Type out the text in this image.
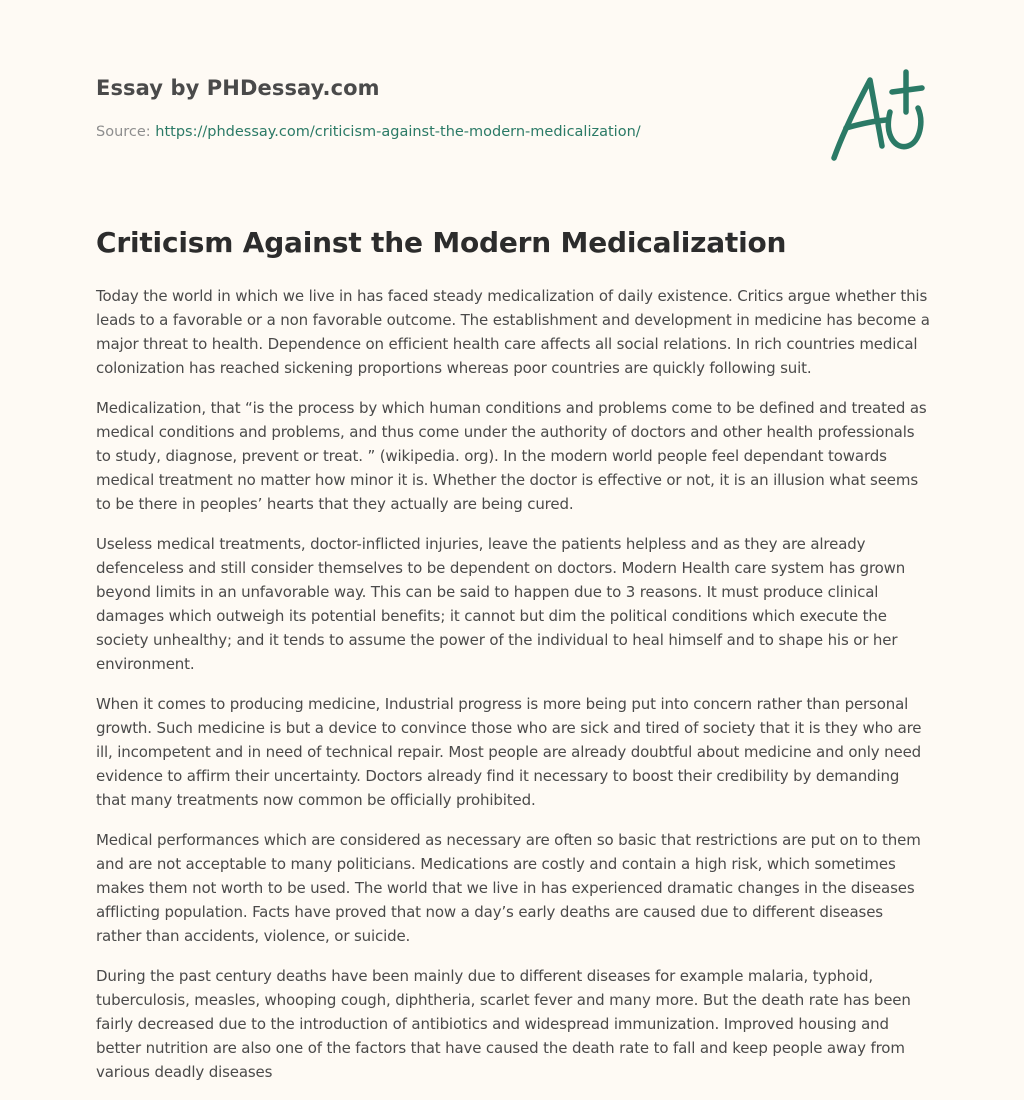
Essay by PHDessay.com
Source: https://phdessay.com/criticism-against-the-modern-medicalization/
Criticism Against the Modern Medicalization

Today the world in which we live in has faced steady medicalization of daily existence. Critics argue whether this leads to a favorable or a non favorable outcome. The establishment and development in medicine has become a major threat to health. Dependence on efficient health care affects all social relations. In rich countries medical colonization has reached sickening proportions whereas poor countries are quickly following suit.

Medicalization, that “is the process by which human conditions and problems come to be defined and treated as medical conditions and problems, and thus come under the authority of doctors and other health professionals to study, diagnose, prevent or treat. ” (wikipedia. org). In the modern world people feel dependant towards medical treatment no matter how minor it is. Whether the doctor is effective or not, it is an illusion what seems to be there in peoples’ hearts that they actually are being cured.

Useless medical treatments, doctor-inflicted injuries, leave the patients helpless and as they are already defenceless and still consider themselves to be dependent on doctors. Modern Health care system has grown beyond limits in an unfavorable way. This can be said to happen due to 3 reasons. It must produce clinical damages which outweigh its potential benefits; it cannot but dim the political conditions which execute the society unhealthy; and it tends to assume the power of the individual to heal himself and to shape his or her environment.

When it comes to producing medicine, Industrial progress is more being put into concern rather than personal growth. Such medicine is but a device to convince those who are sick and tired of society that it is they who are ill, incompetent and in need of technical repair. Most people are already doubtful about medicine and only need evidence to affirm their uncertainty. Doctors already find it necessary to boost their credibility by demanding that many treatments now common be officially prohibited.

Medical performances which are considered as necessary are often so basic that restrictions are put on to them and are not acceptable to many politicians. Medications are costly and contain a high risk, which sometimes makes them not worth to be used. The world that we live in has experienced dramatic changes in the diseases afflicting population. Facts have proved that now a day’s early deaths are caused due to different diseases rather than accidents, violence, or suicide.

During the past century deaths have been mainly due to different diseases for example malaria, typhoid, tuberculosis, measles, whooping cough, diphtheria, scarlet fever and many more. But the death rate has been fairly decreased due to the introduction of antibiotics and widespread immunization. Improved housing and better nutrition are also one of the factors that have caused the death rate to fall and keep people away from various deadly diseases
